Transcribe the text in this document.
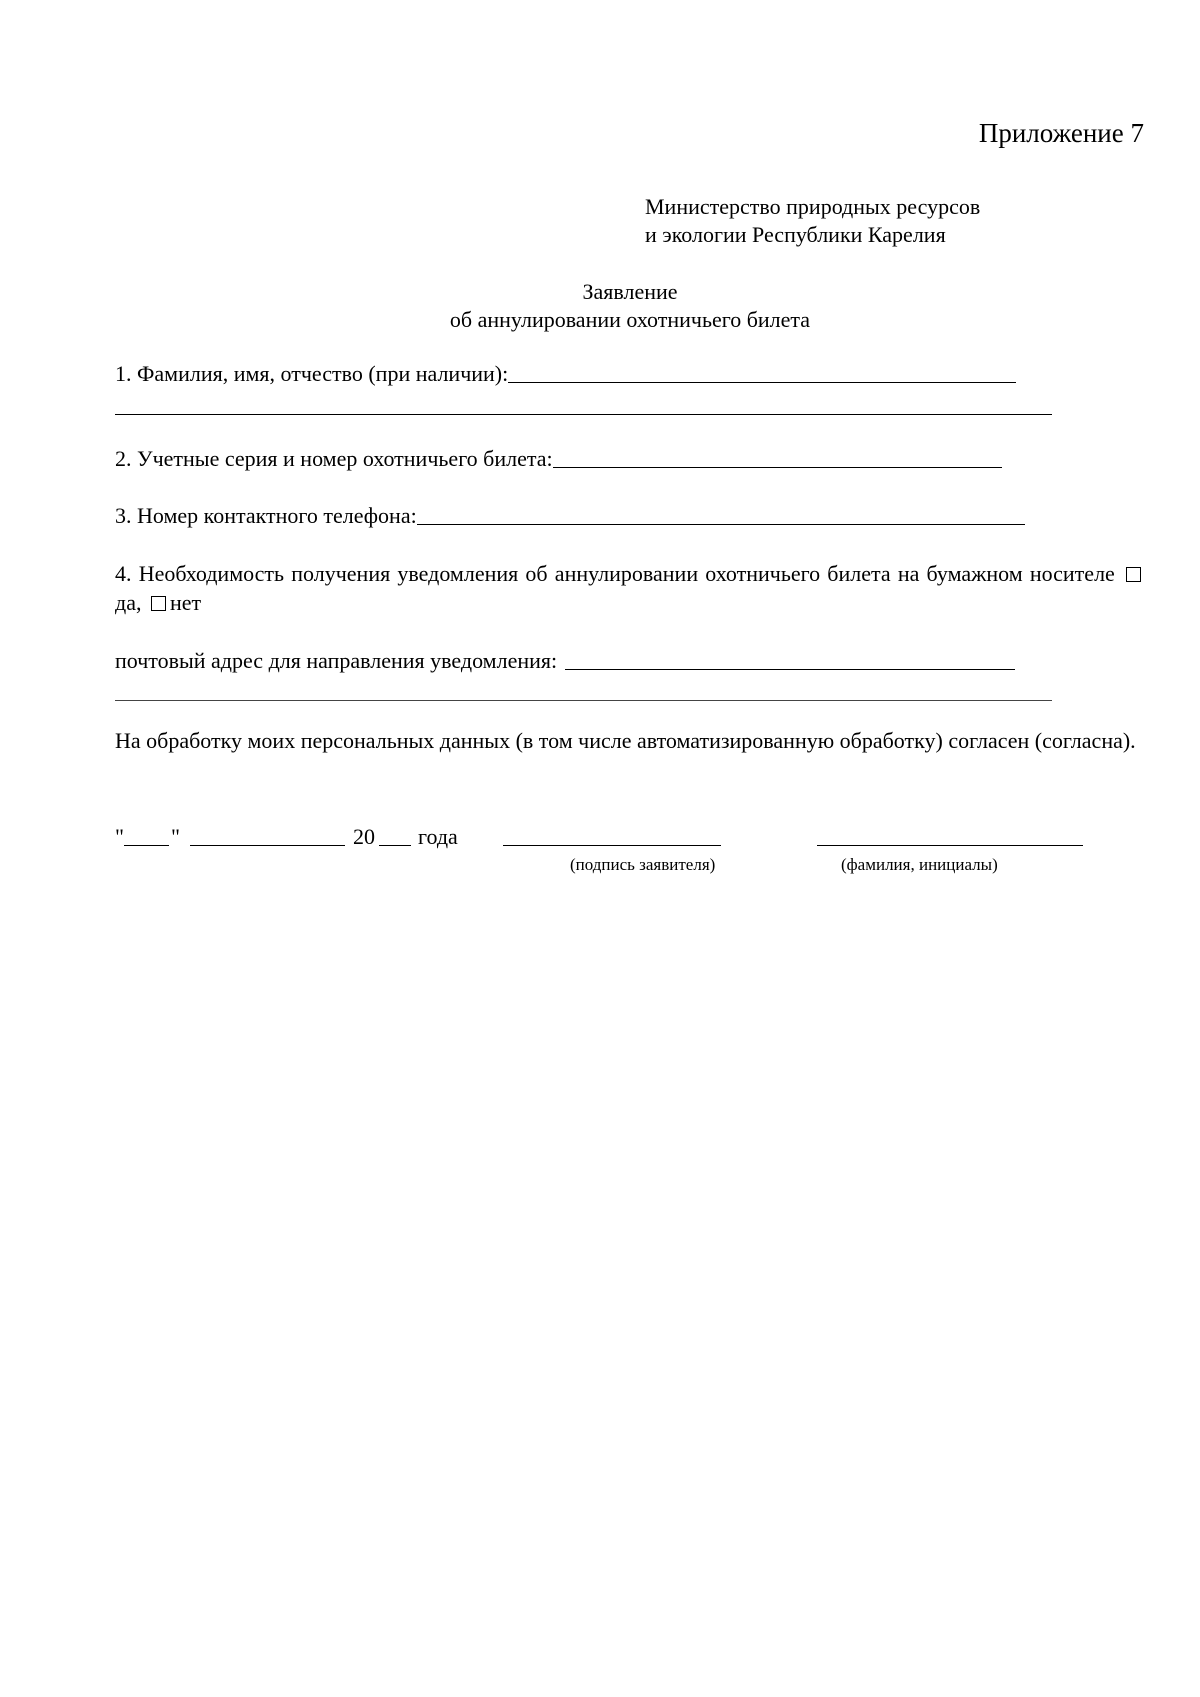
Приложение 7
Министерство природных ресурсов
и экологии Республики Карелия
Заявление
об аннулировании охотничьего билета
1. Фамилия, имя, отчество (при наличии):
2. Учетные серия и номер охотничьего билета:
3. Номер контактного телефона:
4. Необходимость получения уведомления об аннулировании охотничьего билета на бумажном носителе да, нет
почтовый адрес для направления уведомления:
На обработку моих персональных данных (в том числе автоматизированную обработку) согласен (согласна).
" "	20 года
(подпись заявителя)	(фамилия, инициалы)
